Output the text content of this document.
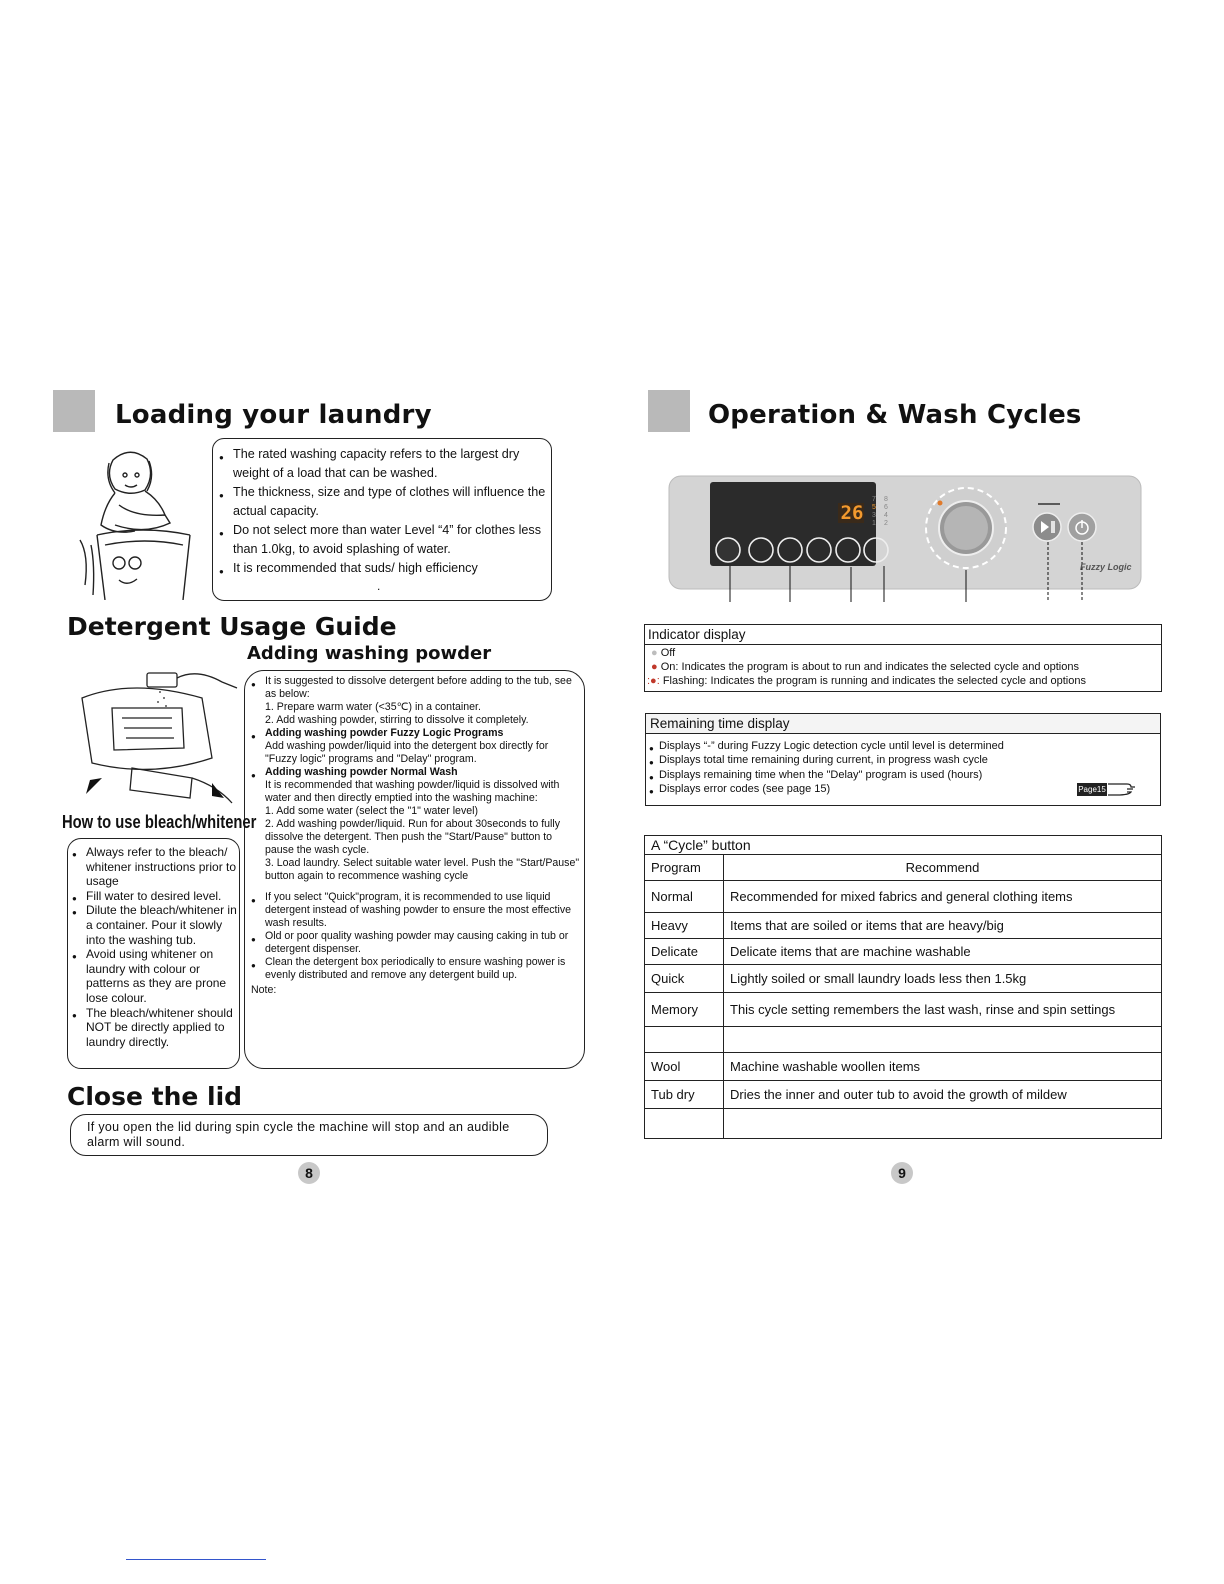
Loading your laundry
● The rated washing capacity refers to the largest dry weight of a load that can be washed.
● The thickness, size and type of clothes will influence the actual capacity.
● Do not select more than water Level “4” for clothes less than 1.0kg, to avoid splashing of water.
● It is recommended that suds/ high efficiency
.
Detergent Usage Guide
Adding washing powder
● It is suggested to dissolve detergent before adding to the tub, see as below:
1. Prepare warm water (<35℃) in a container.
2. Add washing powder, stirring to dissolve it completely.
● Adding washing powder Fuzzy Logic Programs
Add washing powder/liquid into the detergent box directly for "Fuzzy logic" programs and "Delay" program.
● Adding washing powder Normal Wash
It is recommended that washing powder/liquid is dissolved with water and then directly emptied into the washing machine:
1. Add some water (select the "1" water level)
2. Add washing powder/liquid. Run for about 30seconds to fully dissolve the detergent. Then push the "Start/Pause" button to pause the wash cycle.
3. Load laundry. Select suitable water level. Push the "Start/Pause" button again to recommence washing cycle
● If you select "Quick"program, it is recommended to use liquid detergent instead of washing powder to ensure the most effective wash results.
● Old or poor quality washing powder may causing caking in tub or detergent dispenser.
● Clean the detergent box periodically to ensure washing power is evenly distributed and remove any detergent build up.
Note:
How to use bleach/whitener
● Always refer to the bleach/ whitener instructions prior to usage
● Fill water to desired level.
● Dilute the bleach/whitener in a container. Pour it slowly into the washing tub.
● Avoid using whitener on laundry with colour or patterns as they are prone lose colour.
● The bleach/whitener should NOT be directly applied to laundry directly.
Close the lid
If you open the lid during spin cycle the machine will stop and an audible alarm will sound.
8
Operation & Wash Cycles
26
7	8
5	6
3	4
1	2
Fuzzy Logic
Indicator display
● Off
● On: Indicates the program is about to run and indicates the selected cycle and options
:●: Flashing: Indicates the program is running and indicates the selected cycle and options
Remaining time display
● Displays “-” during Fuzzy Logic detection cycle until level is determined
● Displays total time remaining during current, in progress wash cycle
● Displays remaining time when the "Delay" program is used (hours)
● Displays error codes (see page 15)	Page15
A “Cycle” button
Program	Recommend
Normal	Recommended for mixed fabrics and general clothing items
Heavy	Items that are soiled or items that are heavy/big
Delicate	Delicate items that are machine washable
Quick	Lightly soiled or small laundry loads less then 1.5kg
Memory	This cycle setting remembers the last wash, rinse and spin settings

Wool	Machine washable woollen items
Tub dry	Dries the inner and outer tub to avoid the growth of mildew

9
